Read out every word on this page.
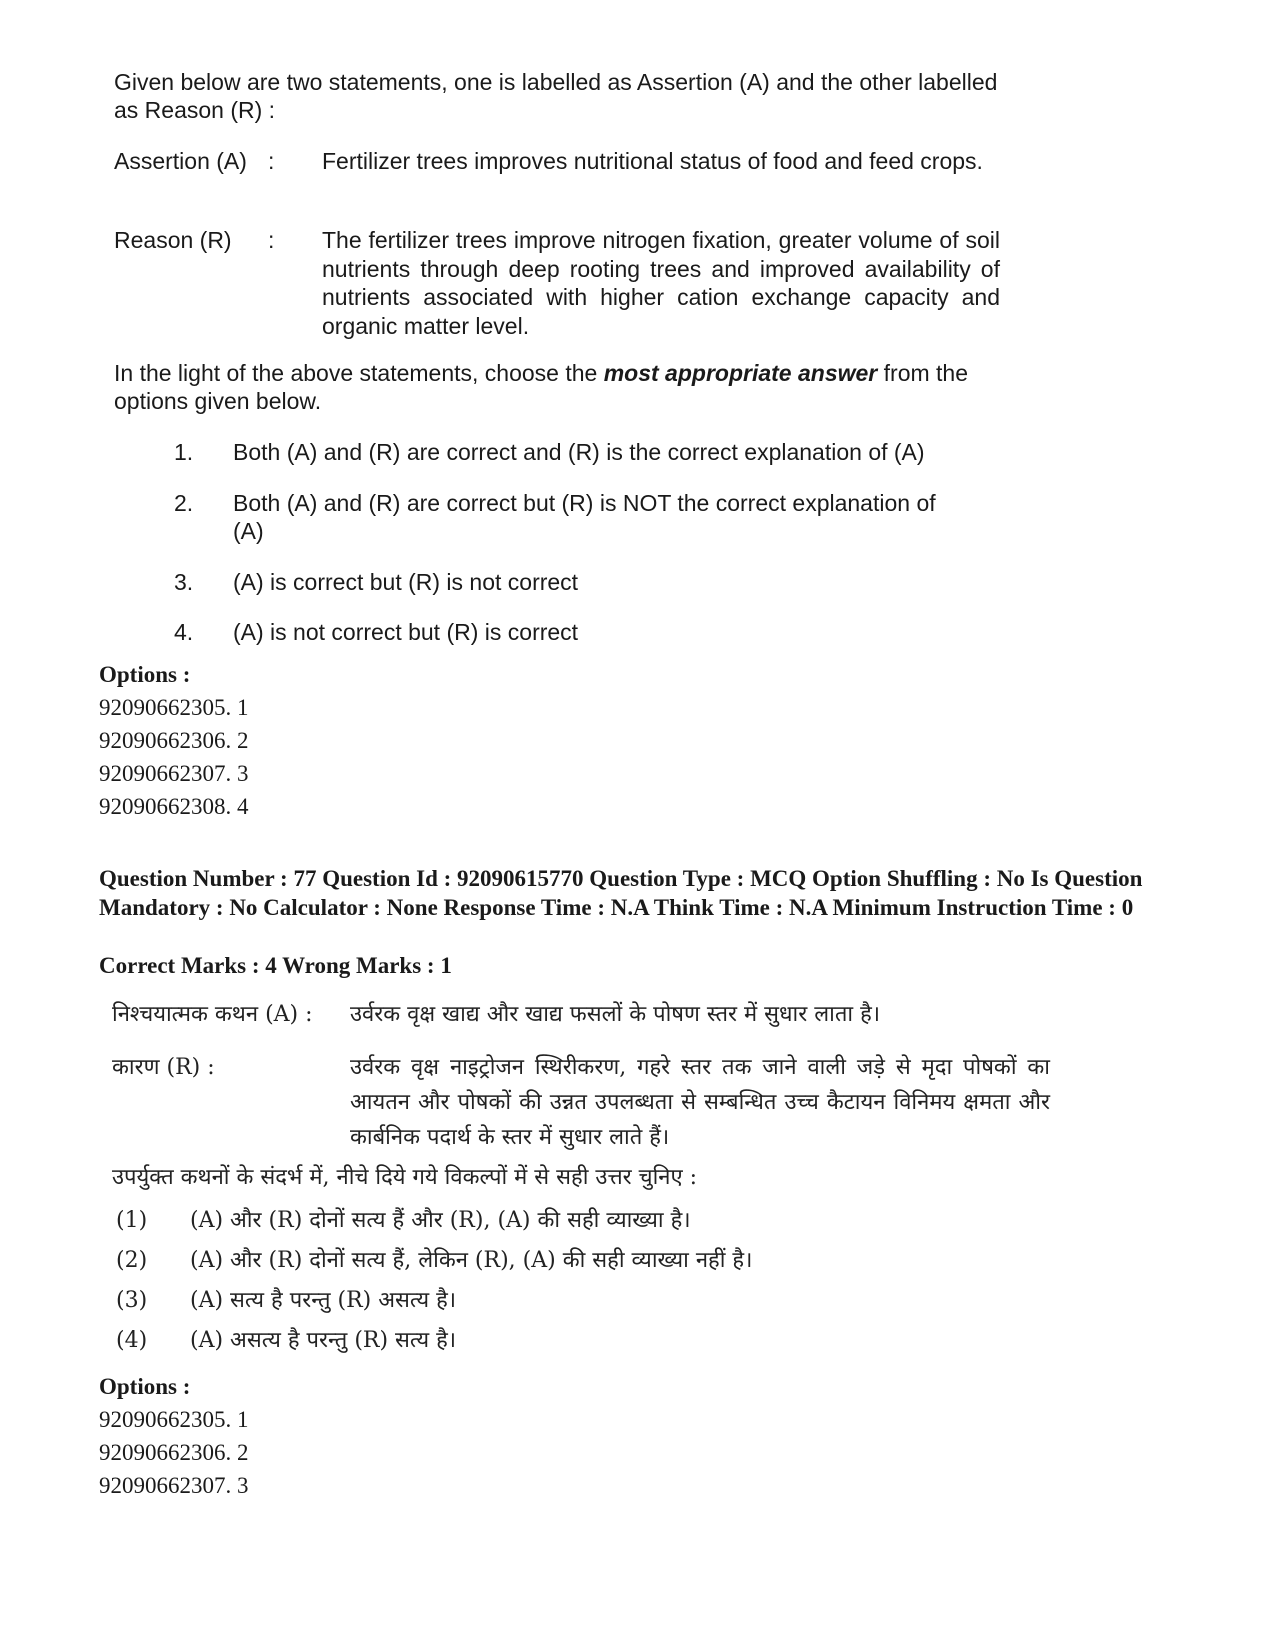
Given below are two statements, one is labelled as Assertion (A) and the other labelled as Reason (R) :
Assertion (A) : Fertilizer trees improves nutritional status of food and feed crops.
Reason (R) : The fertilizer trees improve nitrogen fixation, greater volume of soil nutrients through deep rooting trees and improved availability of nutrients associated with higher cation exchange capacity and organic matter level.
In the light of the above statements, choose the most appropriate answer from the options given below.
1. Both (A) and (R) are correct and (R) is the correct explanation of (A)
2. Both (A) and (R) are correct but (R) is NOT the correct explanation of (A)
3. (A) is correct but (R) is not correct
4. (A) is not correct but (R) is correct
Options :
92090662305. 1
92090662306. 2
92090662307. 3
92090662308. 4
Question Number : 77 Question Id : 92090615770 Question Type : MCQ Option Shuffling : No Is Question Mandatory : No Calculator : None Response Time : N.A Think Time : N.A Minimum Instruction Time : 0
Correct Marks : 4 Wrong Marks : 1
निश्चयात्मक कथन (A) : उर्वरक वृक्ष खाद्य और खाद्य फसलों के पोषण स्तर में सुधार लाता है।
कारण (R) :	उर्वरक वृक्ष नाइट्रोजन स्थिरीकरण, गहरे स्तर तक जाने वाली जड़े से मृदा पोषकों का आयतन और पोषकों की उन्नत उपलब्धता से सम्बन्धित उच्च कैटायन विनिमय क्षमता और कार्बनिक पदार्थ के स्तर में सुधार लाते हैं।
उपर्युक्त कथनों के संदर्भ में, नीचे दिये गये विकल्पों में से सही उत्तर चुनिए :
(1) (A) और (R) दोनों सत्य हैं और (R), (A) की सही व्याख्या है।
(2) (A) और (R) दोनों सत्य हैं, लेकिन (R), (A) की सही व्याख्या नहीं है।
(3) (A) सत्य है परन्तु (R) असत्य है।
(4) (A) असत्य है परन्तु (R) सत्य है।
Options :
92090662305. 1
92090662306. 2
92090662307. 3
